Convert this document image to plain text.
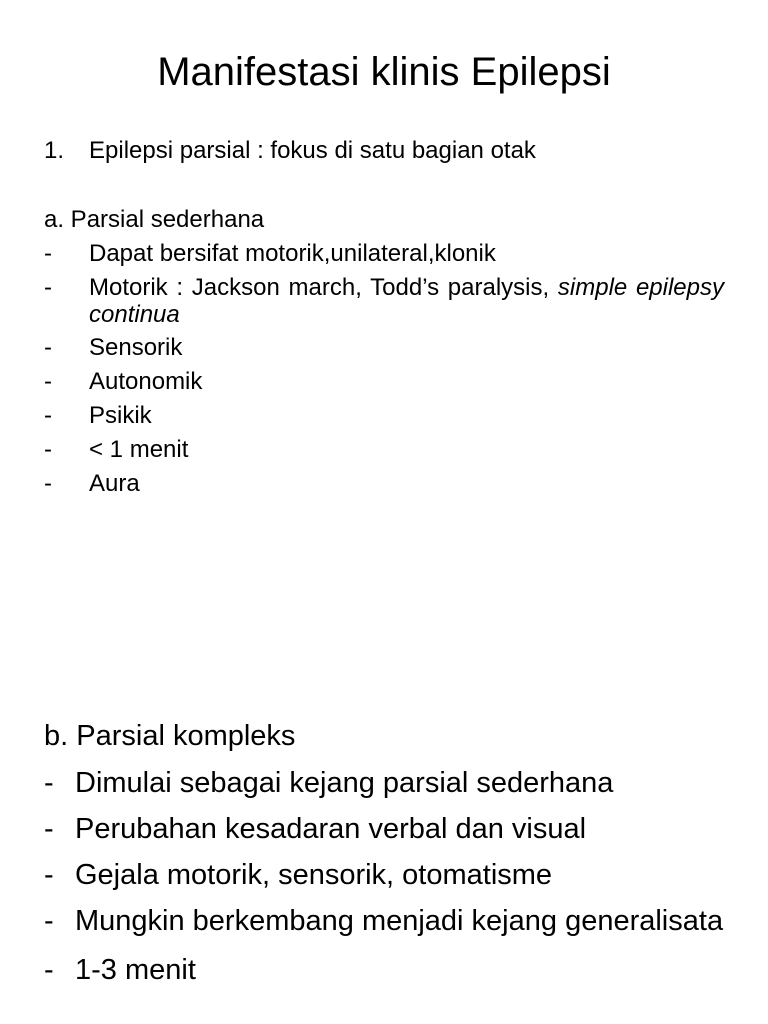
Manifestasi klinis Epilepsi
1. Epilepsi parsial : fokus di satu bagian otak
a. Parsial sederhana
-	Dapat bersifat motorik,unilateral,klonik
-	Motorik : Jackson march, Todd’s paralysis, simple epilepsy continua
-	Sensorik
-	Autonomik
-	Psikik
-	< 1 menit
-	Aura
b. Parsial kompleks
- Dimulai sebagai kejang parsial sederhana
- Perubahan kesadaran verbal dan visual
- Gejala motorik, sensorik, otomatisme
- Mungkin berkembang menjadi kejang generalisata
- 1-3 menit
